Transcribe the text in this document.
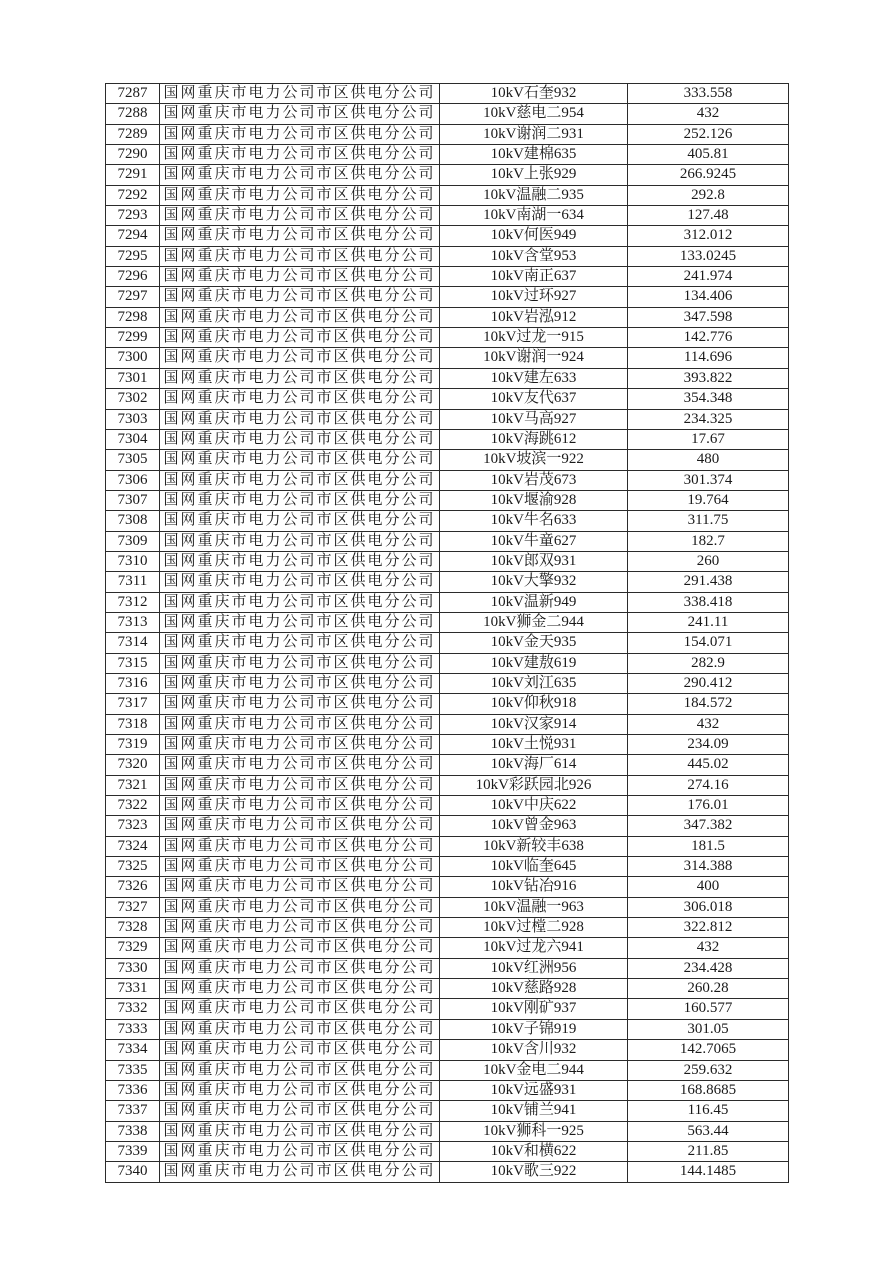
7287	国网重庆市电力公司市区供电分公司	10kV石奎932	333.558
7288	国网重庆市电力公司市区供电分公司	10kV慈电二954	432
7289	国网重庆市电力公司市区供电分公司	10kV谢润二931	252.126
7290	国网重庆市电力公司市区供电分公司	10kV建棉635	405.81
7291	国网重庆市电力公司市区供电分公司	10kV上张929	266.9245
7292	国网重庆市电力公司市区供电分公司	10kV温融二935	292.8
7293	国网重庆市电力公司市区供电分公司	10kV南湖一634	127.48
7294	国网重庆市电力公司市区供电分公司	10kV何医949	312.012
7295	国网重庆市电力公司市区供电分公司	10kV含堂953	133.0245
7296	国网重庆市电力公司市区供电分公司	10kV南正637	241.974
7297	国网重庆市电力公司市区供电分公司	10kV过环927	134.406
7298	国网重庆市电力公司市区供电分公司	10kV岩泓912	347.598
7299	国网重庆市电力公司市区供电分公司	10kV过龙一915	142.776
7300	国网重庆市电力公司市区供电分公司	10kV谢润一924	114.696
7301	国网重庆市电力公司市区供电分公司	10kV建左633	393.822
7302	国网重庆市电力公司市区供电分公司	10kV友代637	354.348
7303	国网重庆市电力公司市区供电分公司	10kV马高927	234.325
7304	国网重庆市电力公司市区供电分公司	10kV海跳612	17.67
7305	国网重庆市电力公司市区供电分公司	10kV坡滨一922	480
7306	国网重庆市电力公司市区供电分公司	10kV岩茂673	301.374
7307	国网重庆市电力公司市区供电分公司	10kV堰渝928	19.764
7308	国网重庆市电力公司市区供电分公司	10kV牛名633	311.75
7309	国网重庆市电力公司市区供电分公司	10kV牛童627	182.7
7310	国网重庆市电力公司市区供电分公司	10kV郎双931	260
7311	国网重庆市电力公司市区供电分公司	10kV大擎932	291.438
7312	国网重庆市电力公司市区供电分公司	10kV温新949	338.418
7313	国网重庆市电力公司市区供电分公司	10kV狮金二944	241.11
7314	国网重庆市电力公司市区供电分公司	10kV金天935	154.071
7315	国网重庆市电力公司市区供电分公司	10kV建敖619	282.9
7316	国网重庆市电力公司市区供电分公司	10kV刘江635	290.412
7317	国网重庆市电力公司市区供电分公司	10kV仰秋918	184.572
7318	国网重庆市电力公司市区供电分公司	10kV汉家914	432
7319	国网重庆市电力公司市区供电分公司	10kV土悦931	234.09
7320	国网重庆市电力公司市区供电分公司	10kV海厂614	445.02
7321	国网重庆市电力公司市区供电分公司	10kV彩跃园北926	274.16
7322	国网重庆市电力公司市区供电分公司	10kV中庆622	176.01
7323	国网重庆市电力公司市区供电分公司	10kV曾金963	347.382
7324	国网重庆市电力公司市区供电分公司	10kV新较丰638	181.5
7325	国网重庆市电力公司市区供电分公司	10kV临奎645	314.388
7326	国网重庆市电力公司市区供电分公司	10kV钻冶916	400
7327	国网重庆市电力公司市区供电分公司	10kV温融一963	306.018
7328	国网重庆市电力公司市区供电分公司	10kV过樘二928	322.812
7329	国网重庆市电力公司市区供电分公司	10kV过龙六941	432
7330	国网重庆市电力公司市区供电分公司	10kV红洲956	234.428
7331	国网重庆市电力公司市区供电分公司	10kV慈路928	260.28
7332	国网重庆市电力公司市区供电分公司	10kV刚矿937	160.577
7333	国网重庆市电力公司市区供电分公司	10kV子锦919	301.05
7334	国网重庆市电力公司市区供电分公司	10kV含川932	142.7065
7335	国网重庆市电力公司市区供电分公司	10kV金电二944	259.632
7336	国网重庆市电力公司市区供电分公司	10kV远盛931	168.8685
7337	国网重庆市电力公司市区供电分公司	10kV铺兰941	116.45
7338	国网重庆市电力公司市区供电分公司	10kV狮科一925	563.44
7339	国网重庆市电力公司市区供电分公司	10kV和横622	211.85
7340	国网重庆市电力公司市区供电分公司	10kV歌三922	144.1485
